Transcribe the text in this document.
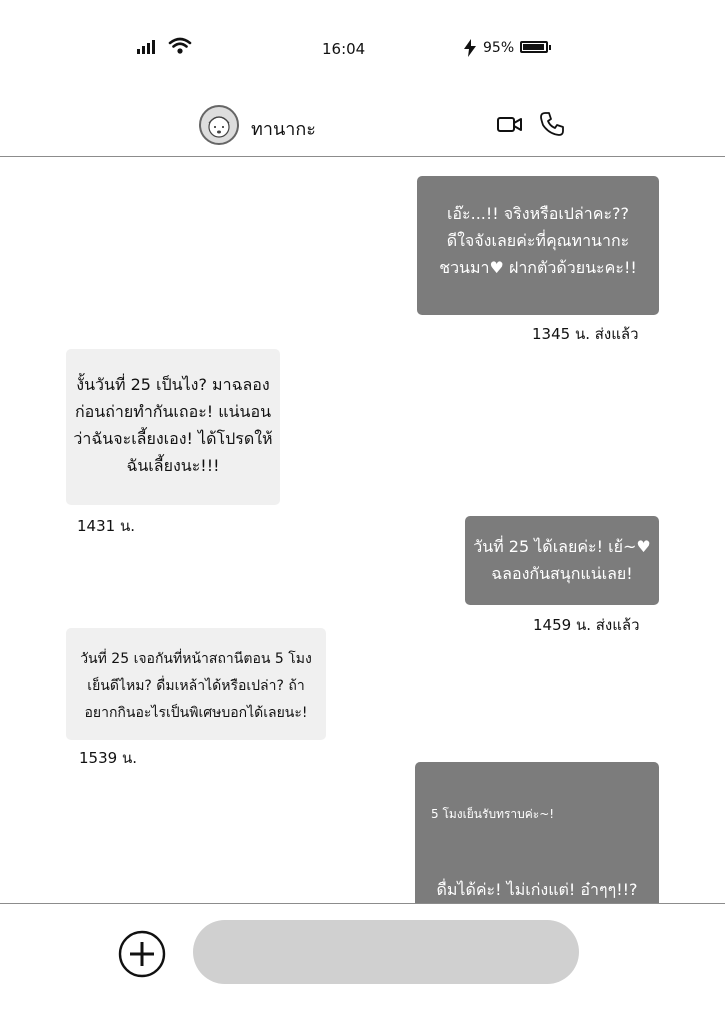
16:04	95%
ทานากะ
เอ๊ะ...!! จริงหรือเปล่าคะ??
ดีใจจังเลยค่ะที่คุณทานากะ
ชวนมา♥ ฝากตัวด้วยนะคะ!!
1345 น. ส่งแล้ว
งั้นวันที่ 25 เป็นไง? มาฉลอง
ก่อนถ่ายทำกันเถอะ! แน่นอน
ว่าฉันจะเลี้ยงเอง! ได้โปรดให้
ฉันเลี้ยงนะ!!!
1431 น.
วันที่ 25 ได้เลยค่ะ! เย้~♥
ฉลองกันสนุกแน่เลย!
1459 น. ส่งแล้ว
วันที่ 25 เจอกันที่หน้าสถานีตอน 5 โมง
เย็นดีไหม? ดื่มเหล้าได้หรือเปล่า? ถ้า
อยากกินอะไรเป็นพิเศษบอกได้เลยนะ!
1539 น.

5 โมงเย็นรับทราบค่ะ~!

ดื่มได้ค่ะ! ไม่เก่งแต่! อ๋าๆๆ!!?
